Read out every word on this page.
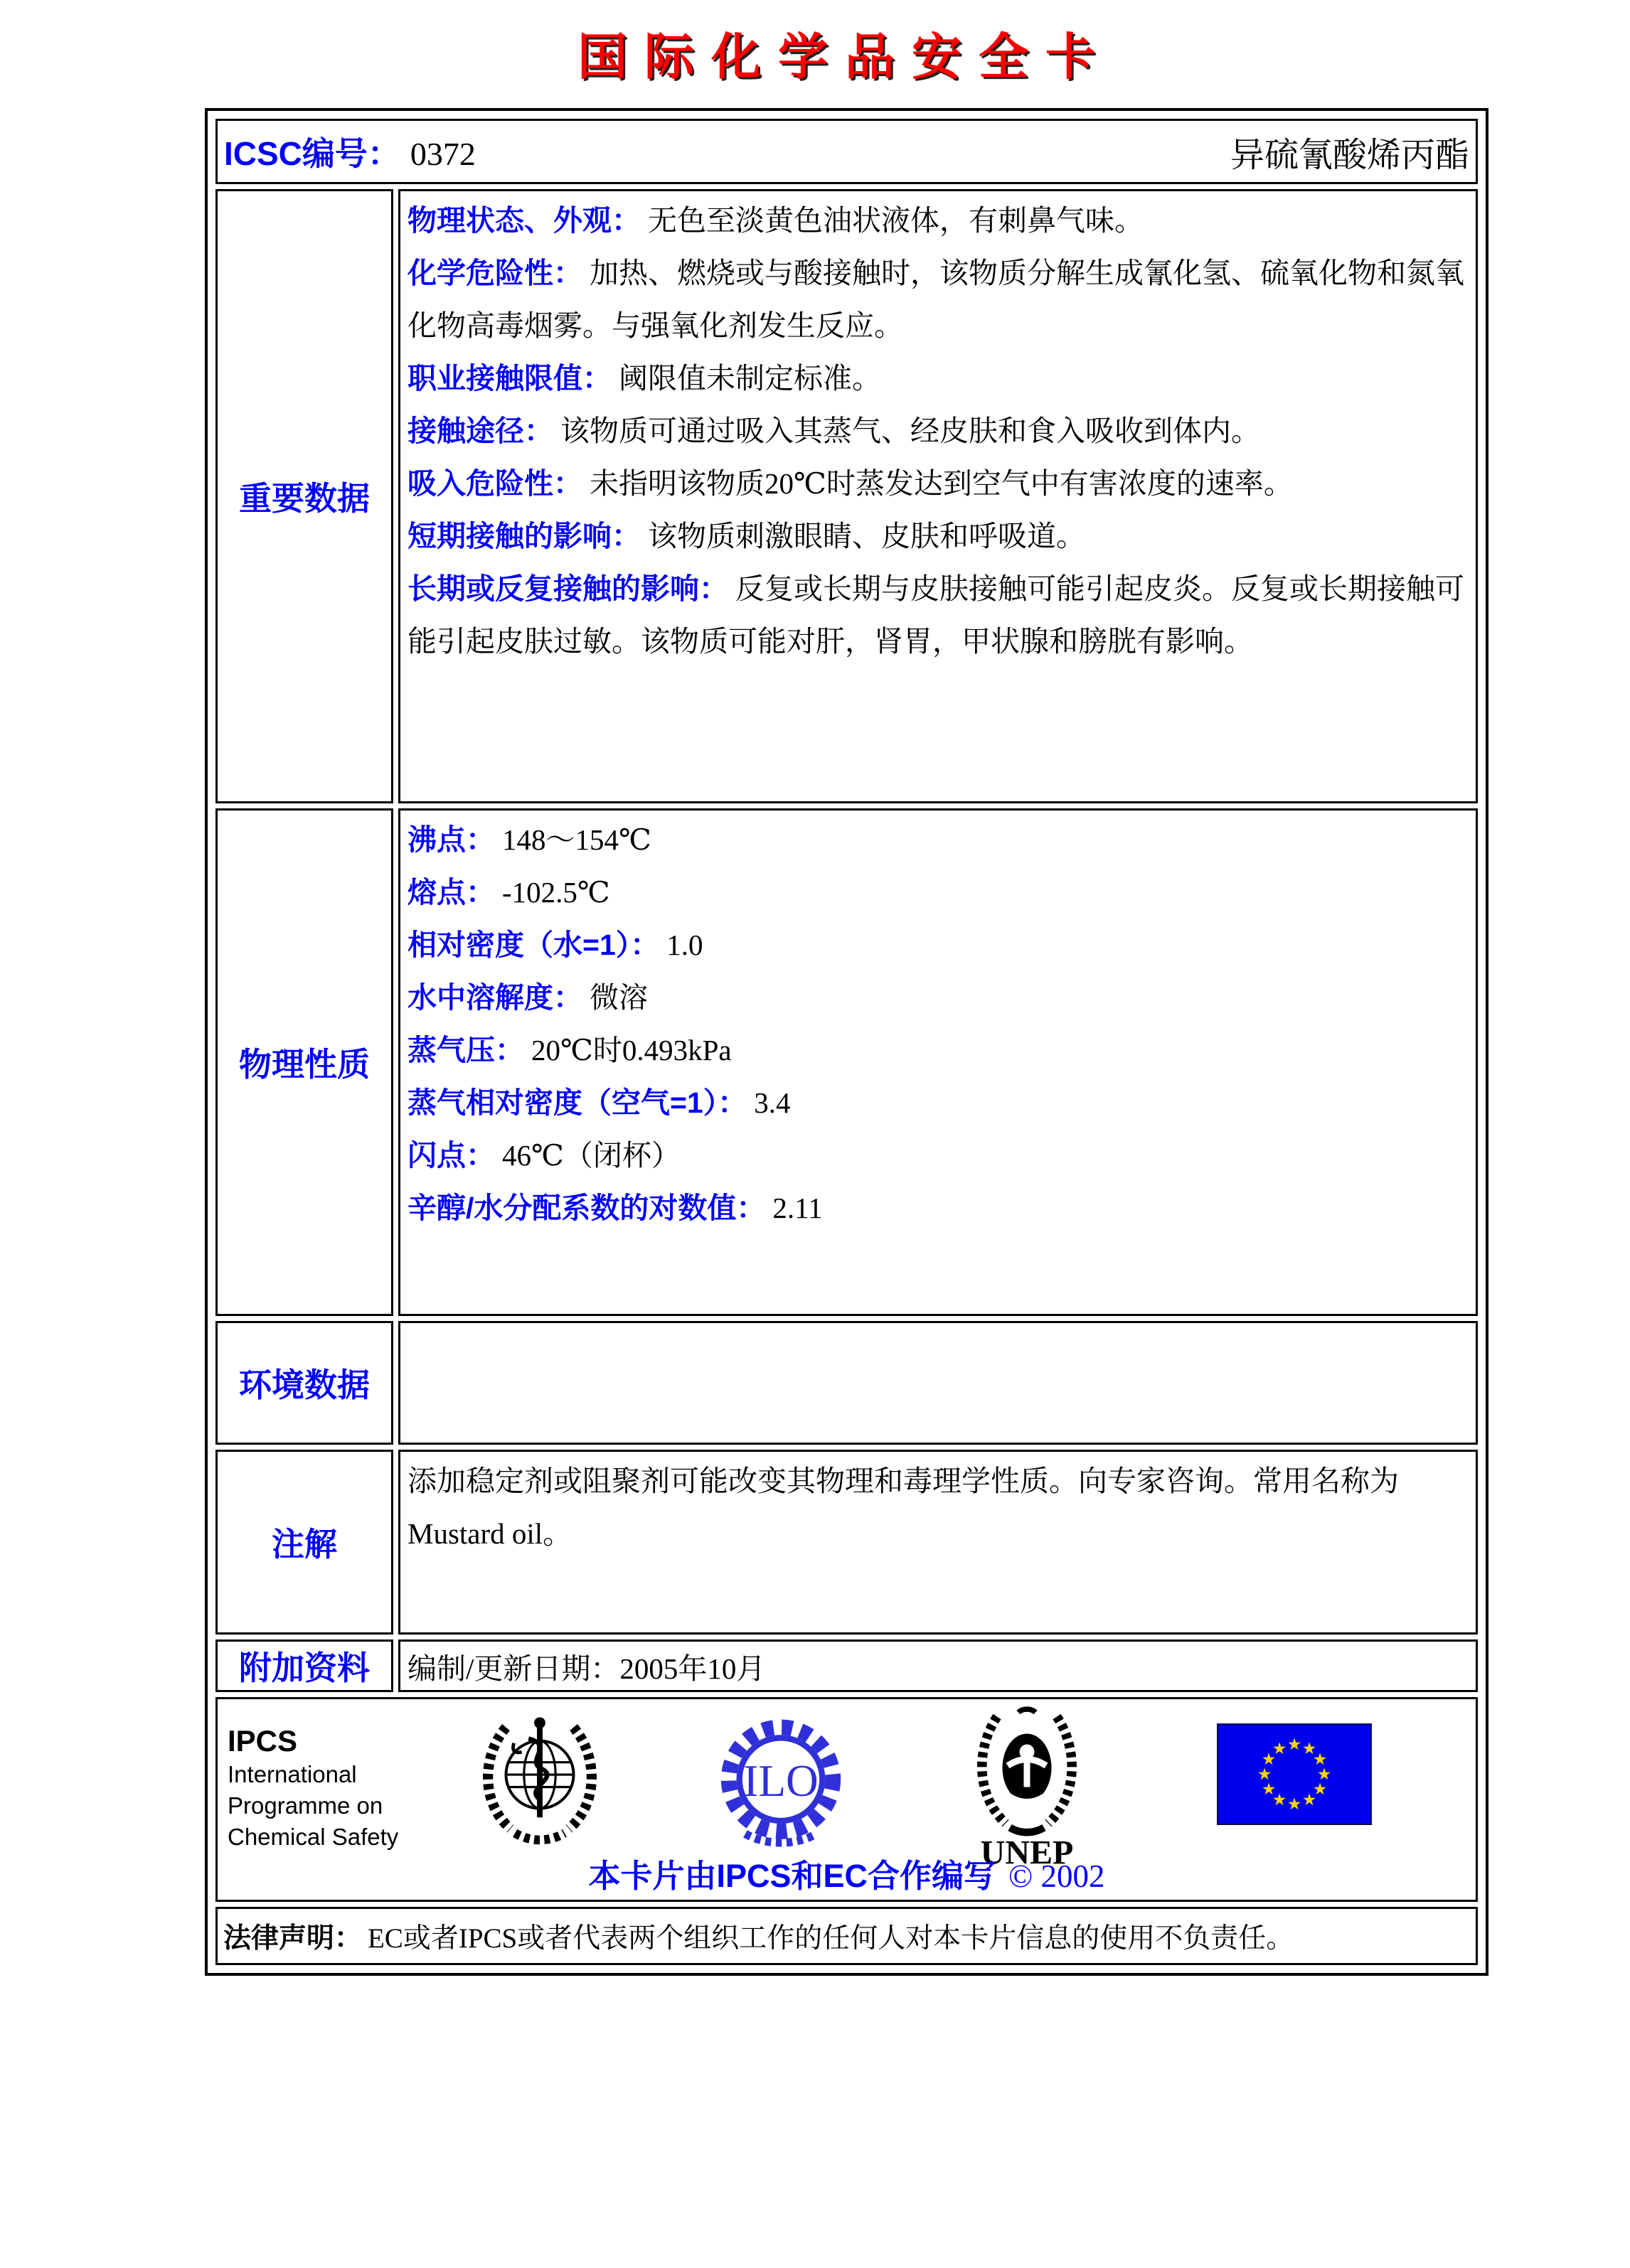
国际化学品安全卡
ICSC编号： 0372 异硫氰酸烯丙酯	

重要数据	
物理状态、外观： 无色至淡黄色油状液体，有刺鼻气味。
化学危险性： 加热、燃烧或与酸接触时，该物质分解生成氰化氢、硫氧化物和氮氧化物高毒烟雾。与强氧化剂发生反应。
职业接触限值： 阈限值未制定标准。
接触途径： 该物质可通过吸入其蒸气、经皮肤和食入吸收到体内。
吸入危险性： 未指明该物质20℃时蒸发达到空气中有害浓度的速率。
短期接触的影响： 该物质刺激眼睛、皮肤和呼吸道。
长期或反复接触的影响： 反复或长期与皮肤接触可能引起皮炎。反复或长期接触可能引起皮肤过敏。该物质可能对肝，肾胃，甲状腺和膀胱有影响。

物理性质	
沸点： 148～154℃
熔点： -102.5℃
相对密度（水=1）： 1.0
水中溶解度： 微溶
蒸气压： 20℃时0.493kPa
蒸气相对密度（空气=1）： 3.4
闪点： 46℃（闭杯）
辛醇/水分配系数的对数值： 2.11

环境数据	
注解	添加稳定剂或阻聚剂可能改变其物理和毒理学性质。向专家咨询。常用名称为Mustard oil。

附加资料	编制/更新日期：2005年10月

IPCS
International
Programme on
Chemical Safety
ILO
UNEP
★ ★
★
★
★
★
★
★
★
★
★
★
本卡片由IPCS和EC合作编写 © 2002

法律声明： EC或者IPCS或者代表两个组织工作的任何人对本卡片信息的使用不负责任。	
